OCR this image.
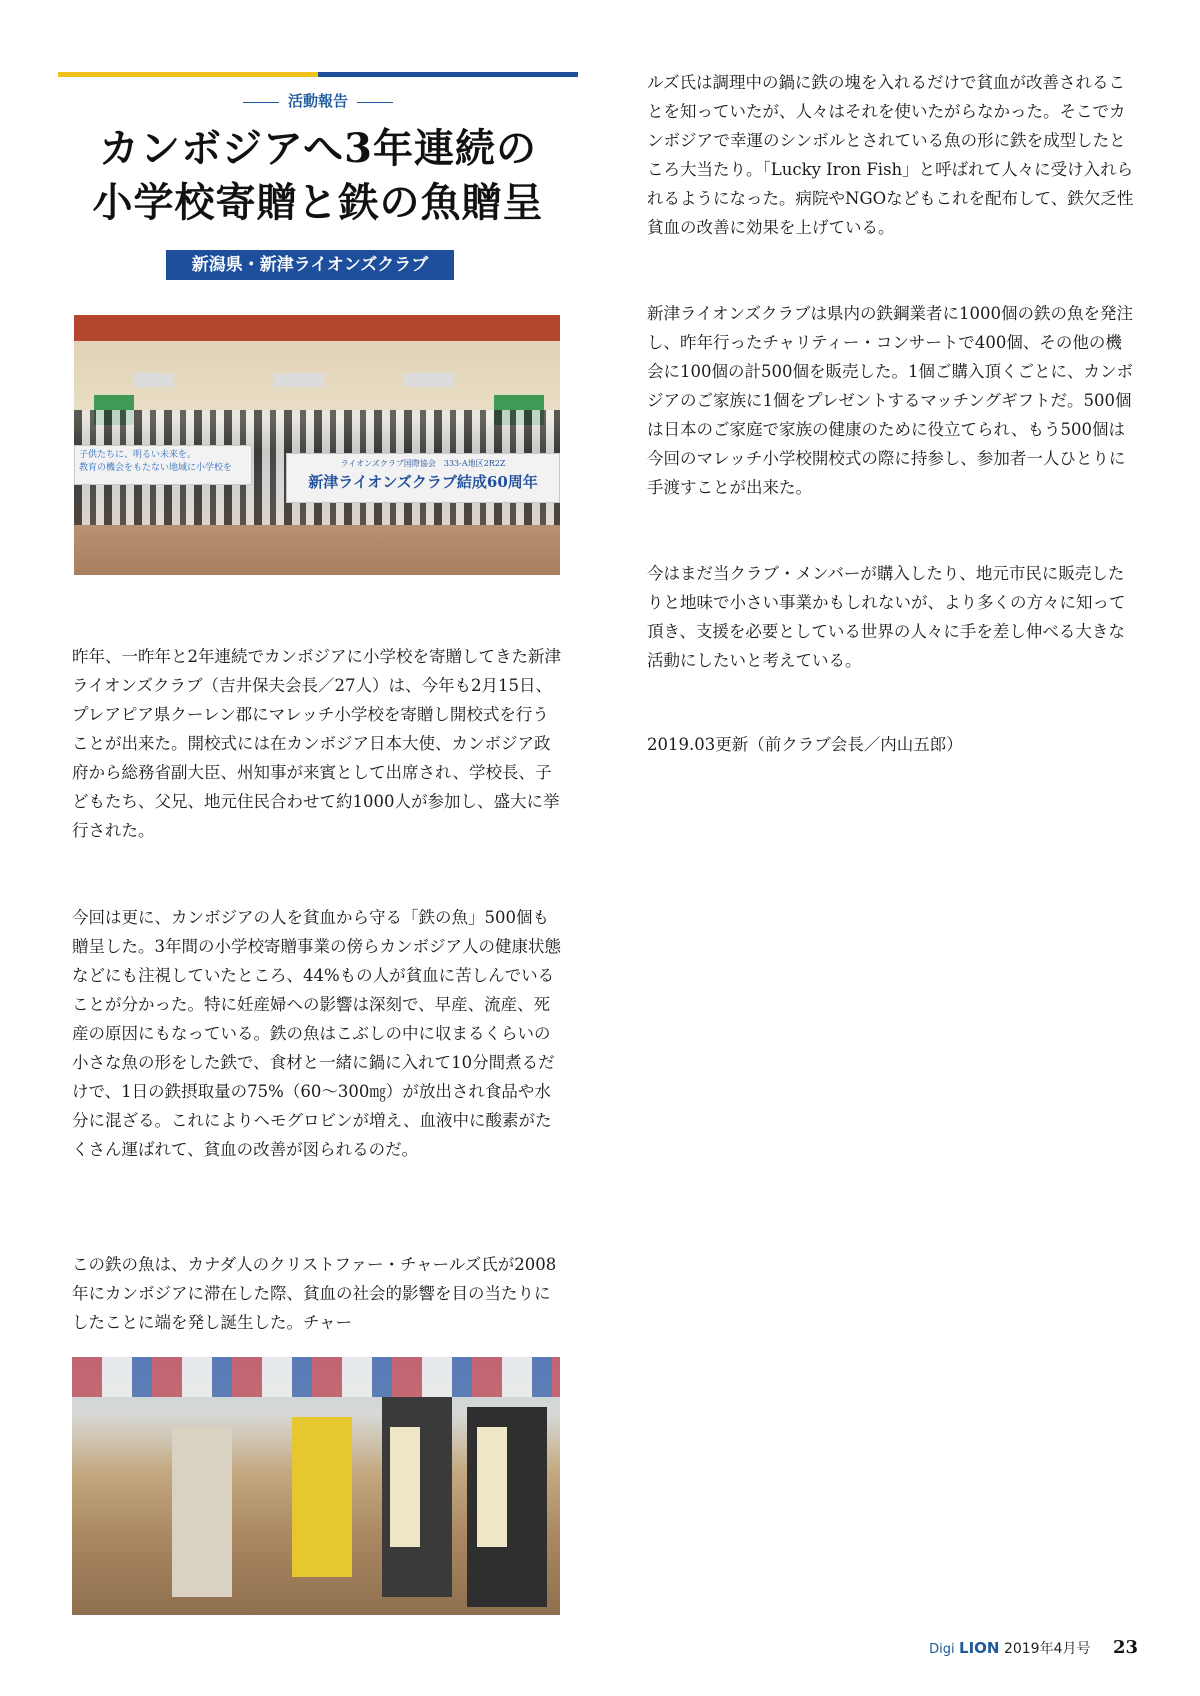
活動報告
カンボジアへ3年連続の
小学校寄贈と鉄の魚贈呈
新潟県・新津ライオンズクラブ
子供たちに、明るい未来を。
教育の機会をもたない地域に小学校を	ライオンズクラブ国際協会　333-A地区2R2Z
新津ライオンズクラブ結成60周年
昨年、一昨年と2年連続でカンボジアに小学校を寄贈してきた新津ライオンズクラブ（吉井保夫会長／27人）は、今年も2月15日、プレアピア県クーレン郡にマレッチ小学校を寄贈し開校式を行うことが出来た。開校式には在カンボジア日本大使、カンボジア政府から総務省副大臣、州知事が来賓として出席され、学校長、子どもたち、父兄、地元住民合わせて約1000人が参加し、盛大に挙行された。
今回は更に、カンボジアの人を貧血から守る「鉄の魚」500個も贈呈した。3年間の小学校寄贈事業の傍らカンボジア人の健康状態などにも注視していたところ、44%もの人が貧血に苦しんでいることが分かった。特に妊産婦への影響は深刻で、早産、流産、死産の原因にもなっている。鉄の魚はこぶしの中に収まるくらいの小さな魚の形をした鉄で、食材と一緒に鍋に入れて10分間煮るだけで、1日の鉄摂取量の75%（60〜300㎎）が放出され食品や水分に混ざる。これによりヘモグロビンが増え、血液中に酸素がたくさん運ばれて、貧血の改善が図られるのだ。
この鉄の魚は、カナダ人のクリストファー・チャールズ氏が2008年にカンボジアに滞在した際、貧血の社会的影響を目の当たりにしたことに端を発し誕生した。チャー
ルズ氏は調理中の鍋に鉄の塊を入れるだけで貧血が改善されることを知っていたが、人々はそれを使いたがらなかった。そこでカンボジアで幸運のシンボルとされている魚の形に鉄を成型したところ大当たり。「Lucky Iron Fish」と呼ばれて人々に受け入れられるようになった。病院やNGOなどもこれを配布して、鉄欠乏性貧血の改善に効果を上げている。
新津ライオンズクラブは県内の鉄鋼業者に1000個の鉄の魚を発注し、昨年行ったチャリティー・コンサートで400個、その他の機会に100個の計500個を販売した。1個ご購入頂くごとに、カンボジアのご家族に1個をプレゼントするマッチングギフトだ。500個は日本のご家庭で家族の健康のために役立てられ、もう500個は今回のマレッチ小学校開校式の際に持参し、参加者一人ひとりに手渡すことが出来た。
今はまだ当クラブ・メンバーが購入したり、地元市民に販売したりと地味で小さい事業かもしれないが、より多くの方々に知って頂き、支援を必要としている世界の人々に手を差し伸べる大きな活動にしたいと考えている。
2019.03更新（前クラブ会長／内山五郎）
Digi LION 2019年4月号 23
